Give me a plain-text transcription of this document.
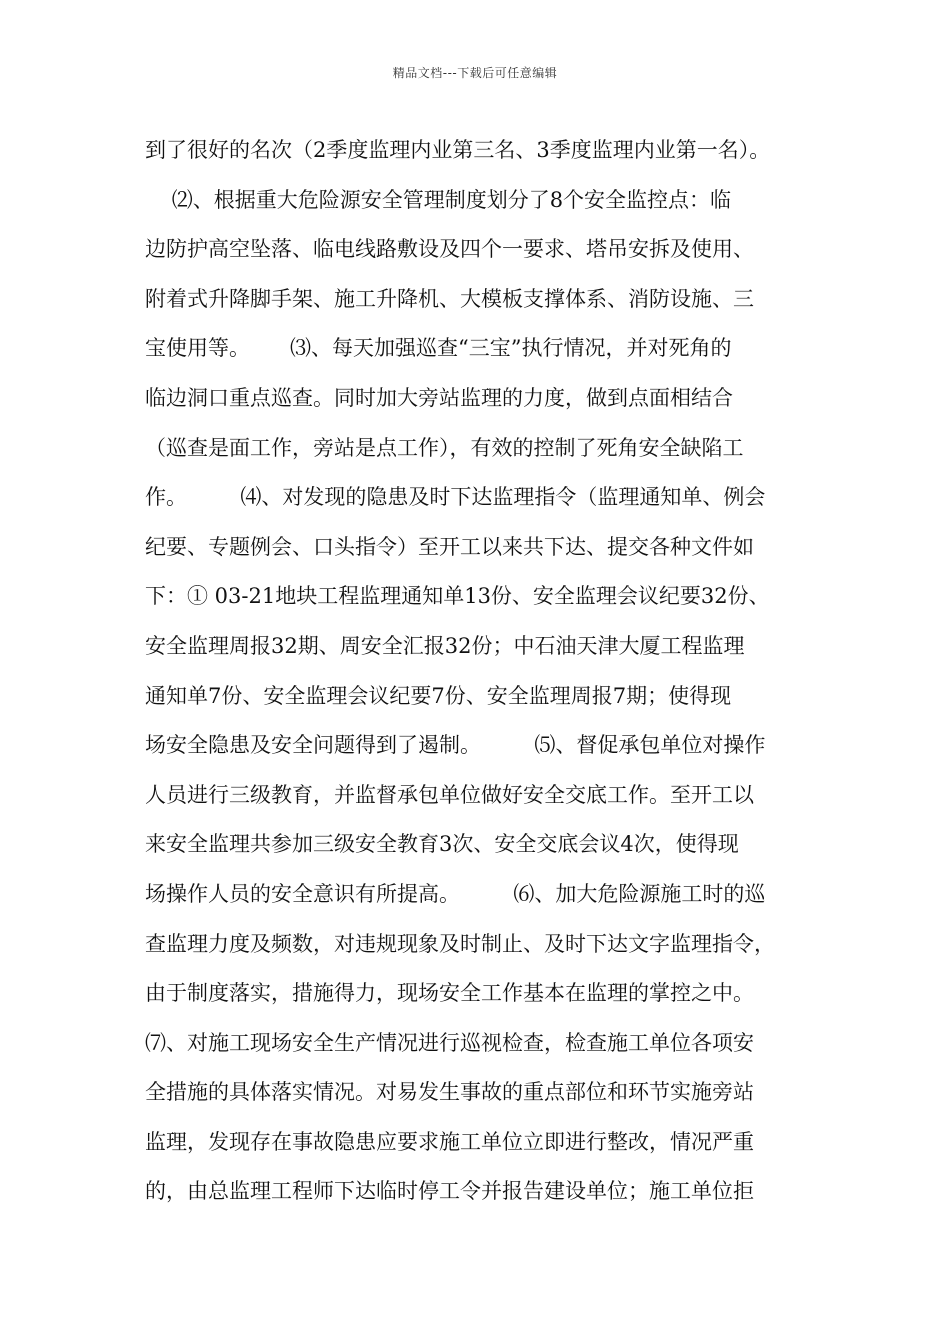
精品文档---下载后可任意编辑
到了很好的名次（2季度监理内业第三名、3季度监理内业第一名）。
⑵、根据重大危险源安全管理制度划分了8个安全监控点：临
边防护高空坠落、临电线路敷设及四个一要求、塔吊安拆及使用、
附着式升降脚手架、施工升降机、大模板支撑体系、消防设施、三
宝使用等。      ⑶、每天加强巡查“三宝”执行情况，并对死角的
临边洞口重点巡查。同时加大旁站监理的力度，做到点面相结合
（巡查是面工作，旁站是点工作），有效的控制了死角安全缺陷工
作。        ⑷、对发现的隐患及时下达监理指令（监理通知单、例会
纪要、专题例会、口头指令）至开工以来共下达、提交各种文件如
下：① 03-21地块工程监理通知单13份、安全监理会议纪要32份、
安全监理周报32期、周安全汇报32份；中石油天津大厦工程监理
通知单7份、安全监理会议纪要7份、安全监理周报7期；使得现
场安全隐患及安全问题得到了遏制。        ⑸、督促承包单位对操作
人员进行三级教育，并监督承包单位做好安全交底工作。至开工以
来安全监理共参加三级安全教育3次、安全交底会议4次，使得现
场操作人员的安全意识有所提高。        ⑹、加大危险源施工时的巡
查监理力度及频数，对违规现象及时制止、及时下达文字监理指令，
由于制度落实，措施得力，现场安全工作基本在监理的掌控之中。
⑺、对施工现场安全生产情况进行巡视检查，检查施工单位各项安
全措施的具体落实情况。对易发生事故的重点部位和环节实施旁站
监理，发现存在事故隐患应要求施工单位立即进行整改，情况严重
的，由总监理工程师下达临时停工令并报告建设单位；施工单位拒
